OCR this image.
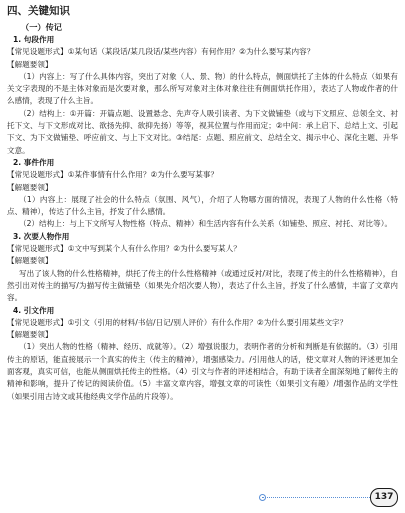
四、关键知识
（一）传记
1. 句段作用
【常见设题形式】①某句话（某段话/某几段话/某些内容）有何作用？②为什么要写某内容？
【解题要领】
（1）内容上：写了什么具体内容，突出了对象（人、景、物）的什么特点，侧面烘托了主体的什么特点（如果有关文字表现的不是主体对象而是次要对象，那么所写对象对主体对象往往有侧面烘托作用），表达了人物或作者的什么感情，表现了什么主旨。
（2）结构上：①开篇：开篇点题、设置悬念、先声夺人吸引读者、为下文做铺垫（或与下文照应、总领全文、衬托下文、与下文形成对比、欲扬先抑、欲抑先扬）等等，视其位置与作用而定；②中间：承上启下、总结上文、引起下文、为下文做铺垫、呼应前文、与上下文对比。③结尾：点题、照应前文、总结全文、揭示中心、深化主题、升华文意。
2. 事件作用
【常见设题形式】①某件事情有什么作用？②为什么要写某事？
【解题要领】
（1）内容上：展现了社会的什么特点（氛围、风气），介绍了人物哪方面的情况，表现了人物的什么性格（特点、精神），传达了什么主旨，抒发了什么感情。
（2）结构上：与上下文所写人物性格（特点、精神）和生活内容有什么关系（如铺垫、照应、衬托、对比等）。
3. 次要人物作用
【常见设题形式】①文中写到某个人有什么作用？②为什么要写某人？
【解题要领】
写出了该人物的什么性格精神，烘托了传主的什么性格精神（或通过反衬/对比，表现了传主的什么性格精神），自然引出对传主的描写/为描写传主做铺垫（如果先介绍次要人物），表达了什么主旨，抒发了什么感情，丰富了文章内容。
4. 引文作用
【常见设题形式】①引文（引用的材料/书信/日记/别人评价）有什么作用？②为什么要引用某些文字？
【解题要领】
（1）突出人物的性格（精神、经历、成就等）。（2）增强说服力，表明作者的分析和判断是有依据的。（3）引用传主的原话，能直接展示一个真实的传主（传主的精神），增强感染力。/引用他人的话，使文章对人物的评述更加全面客观，真实可信，也能从侧面烘托传主的性格。（4）引文与作者的评述相结合，有助于读者全面深刻地了解传主的精神和影响，提升了传记的阅读价值。（5）丰富文章内容，增强文章的可读性（如果引文有趣）/增强作品的文学性（如果引用古诗文或其他经典文学作品的片段等）。
137
